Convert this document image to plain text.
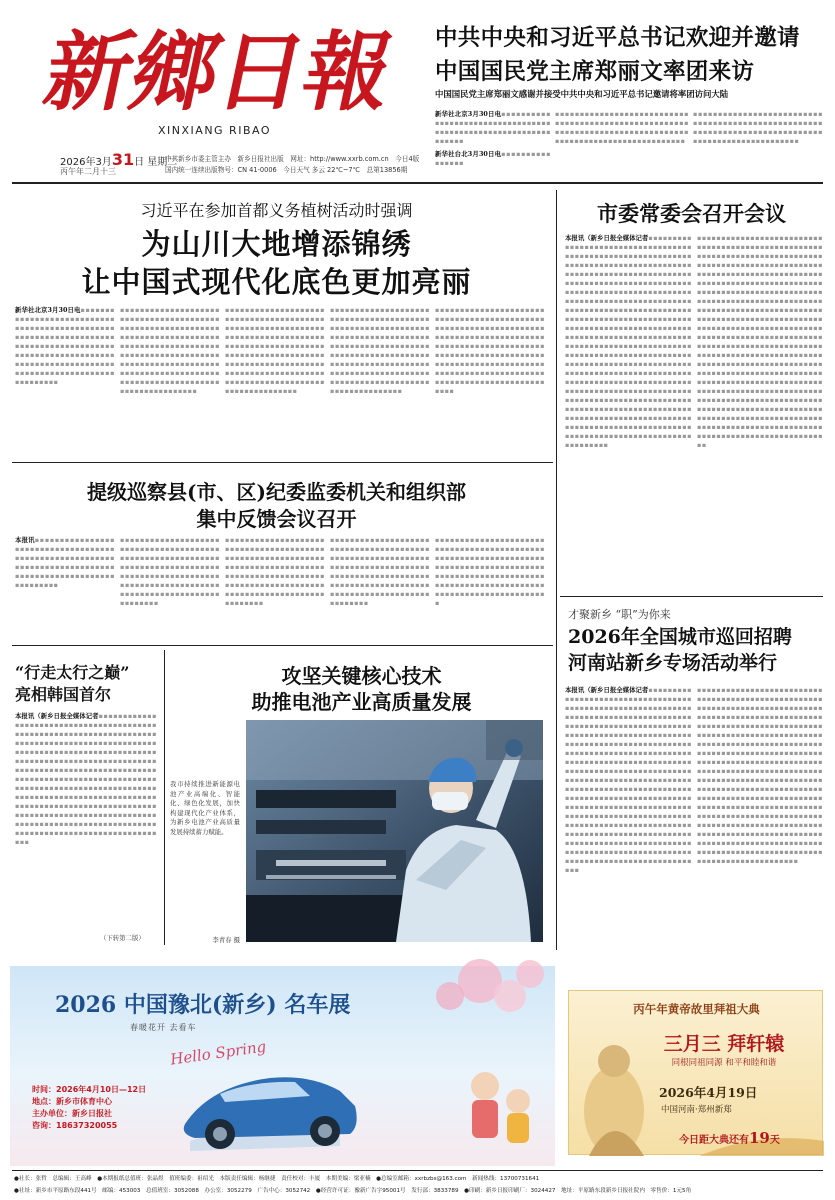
新鄉日報
XINXIANG RIBAO
2026年3月31日 星期二
丙午年二月十三
中共新乡市委主管主办　新乡日报社出版　网址：http://www.xxrb.com.cn　今日4版
国内统一连续出版物号：CN 41-0006　今日天气 多云 22℃~7℃　总第13856期
中共中央和习近平总书记欢迎并邀请
中国国民党主席郑丽文率团来访
中国国民党主席郑丽文感谢并接受中共中央和习近平总书记邀请将率团访问大陆
新华社北京3月30日电▪▪▪▪▪▪▪▪▪▪▪▪▪▪▪▪▪▪▪▪▪▪▪▪▪▪▪▪▪▪▪▪▪▪▪▪▪▪▪▪▪▪▪▪▪▪▪▪▪▪▪▪▪▪▪▪▪▪▪▪▪▪▪▪
新华社台北3月30日电▪▪▪▪▪▪▪▪▪▪▪▪▪▪▪▪
▪▪▪▪▪▪▪▪▪▪▪▪▪▪▪▪▪▪▪▪▪▪▪▪▪▪▪▪▪▪▪▪▪▪▪▪▪▪▪▪▪▪▪▪▪▪▪▪▪▪▪▪▪▪▪▪▪▪▪▪▪▪▪▪▪▪▪▪▪▪▪▪▪▪▪▪▪▪▪▪▪▪▪▪▪▪▪▪▪▪▪▪▪▪▪▪▪▪▪▪▪▪▪▪▪▪▪▪
▪▪▪▪▪▪▪▪▪▪▪▪▪▪▪▪▪▪▪▪▪▪▪▪▪▪▪▪▪▪▪▪▪▪▪▪▪▪▪▪▪▪▪▪▪▪▪▪▪▪▪▪▪▪▪▪▪▪▪▪▪▪▪▪▪▪▪▪▪▪▪▪▪▪▪▪▪▪▪▪▪▪▪▪▪▪▪▪▪▪▪▪▪▪▪▪▪▪▪▪
习近平在参加首都义务植树活动时强调
为山川大地增添锦绣
让中国式现代化底色更加亮丽
新华社北京3月30日电▪▪▪▪▪▪▪▪▪▪▪▪▪▪▪▪▪▪▪▪▪▪▪▪▪▪▪▪▪▪▪▪▪▪▪▪▪▪▪▪▪▪▪▪▪▪▪▪▪▪▪▪▪▪▪▪▪▪▪▪▪▪▪▪▪▪▪▪▪▪▪▪▪▪▪▪▪▪▪▪▪▪▪▪▪▪▪▪▪▪▪▪▪▪▪▪▪▪▪▪▪▪▪▪▪▪▪▪▪▪▪▪▪▪▪▪▪▪▪▪▪▪▪▪▪▪▪▪▪▪▪▪▪▪▪▪▪▪▪▪▪▪▪▪▪▪▪▪▪▪▪▪▪▪▪▪
▪▪▪▪▪▪▪▪▪▪▪▪▪▪▪▪▪▪▪▪▪▪▪▪▪▪▪▪▪▪▪▪▪▪▪▪▪▪▪▪▪▪▪▪▪▪▪▪▪▪▪▪▪▪▪▪▪▪▪▪▪▪▪▪▪▪▪▪▪▪▪▪▪▪▪▪▪▪▪▪▪▪▪▪▪▪▪▪▪▪▪▪▪▪▪▪▪▪▪▪▪▪▪▪▪▪▪▪▪▪▪▪▪▪▪▪▪▪▪▪▪▪▪▪▪▪▪▪▪▪▪▪▪▪▪▪▪▪▪▪▪▪▪▪▪▪▪▪▪▪▪▪▪▪▪▪▪▪▪▪▪▪▪▪▪▪▪▪▪▪▪▪▪▪▪▪▪▪▪▪▪▪▪▪▪▪▪▪▪▪▪▪▪▪▪▪
▪▪▪▪▪▪▪▪▪▪▪▪▪▪▪▪▪▪▪▪▪▪▪▪▪▪▪▪▪▪▪▪▪▪▪▪▪▪▪▪▪▪▪▪▪▪▪▪▪▪▪▪▪▪▪▪▪▪▪▪▪▪▪▪▪▪▪▪▪▪▪▪▪▪▪▪▪▪▪▪▪▪▪▪▪▪▪▪▪▪▪▪▪▪▪▪▪▪▪▪▪▪▪▪▪▪▪▪▪▪▪▪▪▪▪▪▪▪▪▪▪▪▪▪▪▪▪▪▪▪▪▪▪▪▪▪▪▪▪▪▪▪▪▪▪▪▪▪▪▪▪▪▪▪▪▪▪▪▪▪▪▪▪▪▪▪▪▪▪▪▪▪▪▪▪▪▪▪▪▪▪▪▪▪▪▪▪▪▪▪▪▪▪▪▪
▪▪▪▪▪▪▪▪▪▪▪▪▪▪▪▪▪▪▪▪▪▪▪▪▪▪▪▪▪▪▪▪▪▪▪▪▪▪▪▪▪▪▪▪▪▪▪▪▪▪▪▪▪▪▪▪▪▪▪▪▪▪▪▪▪▪▪▪▪▪▪▪▪▪▪▪▪▪▪▪▪▪▪▪▪▪▪▪▪▪▪▪▪▪▪▪▪▪▪▪▪▪▪▪▪▪▪▪▪▪▪▪▪▪▪▪▪▪▪▪▪▪▪▪▪▪▪▪▪▪▪▪▪▪▪▪▪▪▪▪▪▪▪▪▪▪▪▪▪▪▪▪▪▪▪▪▪▪▪▪▪▪▪▪▪▪▪▪▪▪▪▪▪▪▪▪▪▪▪▪▪▪▪▪▪▪▪▪▪▪▪▪▪▪▪
▪▪▪▪▪▪▪▪▪▪▪▪▪▪▪▪▪▪▪▪▪▪▪▪▪▪▪▪▪▪▪▪▪▪▪▪▪▪▪▪▪▪▪▪▪▪▪▪▪▪▪▪▪▪▪▪▪▪▪▪▪▪▪▪▪▪▪▪▪▪▪▪▪▪▪▪▪▪▪▪▪▪▪▪▪▪▪▪▪▪▪▪▪▪▪▪▪▪▪▪▪▪▪▪▪▪▪▪▪▪▪▪▪▪▪▪▪▪▪▪▪▪▪▪▪▪▪▪▪▪▪▪▪▪▪▪▪▪▪▪▪▪▪▪▪▪▪▪▪▪▪▪▪▪▪▪▪▪▪▪▪▪▪▪▪▪▪▪▪▪▪▪▪▪▪▪▪▪▪▪▪▪▪▪▪▪▪▪▪▪▪▪▪▪▪▪▪▪▪▪▪▪
提级巡察县(市、区)纪委监委机关和组织部
集中反馈会议召开
本报讯▪▪▪▪▪▪▪▪▪▪▪▪▪▪▪▪▪▪▪▪▪▪▪▪▪▪▪▪▪▪▪▪▪▪▪▪▪▪▪▪▪▪▪▪▪▪▪▪▪▪▪▪▪▪▪▪▪▪▪▪▪▪▪▪▪▪▪▪▪▪▪▪▪▪▪▪▪▪▪▪▪▪▪▪▪▪▪▪▪▪▪▪▪▪▪▪▪▪▪▪▪▪▪▪▪
▪▪▪▪▪▪▪▪▪▪▪▪▪▪▪▪▪▪▪▪▪▪▪▪▪▪▪▪▪▪▪▪▪▪▪▪▪▪▪▪▪▪▪▪▪▪▪▪▪▪▪▪▪▪▪▪▪▪▪▪▪▪▪▪▪▪▪▪▪▪▪▪▪▪▪▪▪▪▪▪▪▪▪▪▪▪▪▪▪▪▪▪▪▪▪▪▪▪▪▪▪▪▪▪▪▪▪▪▪▪▪▪▪▪▪▪▪▪▪▪▪▪▪▪▪▪▪▪▪▪▪▪▪▪▪▪▪▪▪▪▪▪▪▪▪▪▪▪
▪▪▪▪▪▪▪▪▪▪▪▪▪▪▪▪▪▪▪▪▪▪▪▪▪▪▪▪▪▪▪▪▪▪▪▪▪▪▪▪▪▪▪▪▪▪▪▪▪▪▪▪▪▪▪▪▪▪▪▪▪▪▪▪▪▪▪▪▪▪▪▪▪▪▪▪▪▪▪▪▪▪▪▪▪▪▪▪▪▪▪▪▪▪▪▪▪▪▪▪▪▪▪▪▪▪▪▪▪▪▪▪▪▪▪▪▪▪▪▪▪▪▪▪▪▪▪▪▪▪▪▪▪▪▪▪▪▪▪▪▪▪▪▪▪▪▪▪
▪▪▪▪▪▪▪▪▪▪▪▪▪▪▪▪▪▪▪▪▪▪▪▪▪▪▪▪▪▪▪▪▪▪▪▪▪▪▪▪▪▪▪▪▪▪▪▪▪▪▪▪▪▪▪▪▪▪▪▪▪▪▪▪▪▪▪▪▪▪▪▪▪▪▪▪▪▪▪▪▪▪▪▪▪▪▪▪▪▪▪▪▪▪▪▪▪▪▪▪▪▪▪▪▪▪▪▪▪▪▪▪▪▪▪▪▪▪▪▪▪▪▪▪▪▪▪▪▪▪▪▪▪▪▪▪▪▪▪▪▪▪▪▪▪▪▪▪
▪▪▪▪▪▪▪▪▪▪▪▪▪▪▪▪▪▪▪▪▪▪▪▪▪▪▪▪▪▪▪▪▪▪▪▪▪▪▪▪▪▪▪▪▪▪▪▪▪▪▪▪▪▪▪▪▪▪▪▪▪▪▪▪▪▪▪▪▪▪▪▪▪▪▪▪▪▪▪▪▪▪▪▪▪▪▪▪▪▪▪▪▪▪▪▪▪▪▪▪▪▪▪▪▪▪▪▪▪▪▪▪▪▪▪▪▪▪▪▪▪▪▪▪▪▪▪▪▪▪▪▪▪▪▪▪▪▪▪▪▪▪▪▪▪▪▪▪▪▪▪▪▪▪▪
“行走太行之巅”
亮相韩国首尔
本报讯（新乡日报全媒体记者▪▪▪▪▪▪▪▪▪▪▪▪▪▪▪▪▪▪▪▪▪▪▪▪▪▪▪▪▪▪▪▪▪▪▪▪▪▪▪▪▪▪▪▪▪▪▪▪▪▪▪▪▪▪▪▪▪▪▪▪▪▪▪▪▪▪▪▪▪▪▪▪▪▪▪▪▪▪▪▪▪▪▪▪▪▪▪▪▪▪▪▪▪▪▪▪▪▪▪▪▪▪▪▪▪▪▪▪▪▪▪▪▪▪▪▪▪▪▪▪▪▪▪▪▪▪▪▪▪▪▪▪▪▪▪▪▪▪▪▪▪▪▪▪▪▪▪▪▪▪▪▪▪▪▪▪▪▪▪▪▪▪▪▪▪▪▪▪▪▪▪▪▪▪▪▪▪▪▪▪▪▪▪▪▪▪▪▪▪▪▪▪▪▪▪▪▪▪▪▪▪▪▪▪▪▪▪▪▪▪▪▪▪▪▪▪▪▪▪▪▪▪▪▪▪▪▪▪▪▪▪▪▪▪▪▪▪▪▪▪▪▪▪▪▪▪▪▪▪▪▪▪▪▪▪▪▪▪▪▪▪▪▪▪▪▪▪▪▪▪▪▪▪▪▪▪▪▪▪▪▪▪▪▪▪▪▪▪▪▪▪▪▪▪▪▪▪▪▪▪▪▪▪▪▪▪▪▪▪▪▪▪▪▪▪▪▪▪▪▪▪▪▪▪▪▪▪▪▪▪▪▪▪▪▪▪▪▪▪▪▪▪▪▪▪▪▪▪▪▪▪▪▪▪▪▪▪▪▪▪▪▪▪▪▪▪▪▪▪▪▪▪▪▪▪▪▪▪▪▪▪▪▪▪▪▪▪▪▪▪▪▪
（下转第二版）
攻坚关键核心技术
助推电池产业高质量发展
我市持续推进新能源电池产业高端化、智能化、绿色化发展，加快构建现代化产业体系，为新乡电池产业高质量发展持续蓄力赋能。
李青春 摄
市委常委会召开会议
本报讯（新乡日报全媒体记者▪▪▪▪▪▪▪▪▪▪▪▪▪▪▪▪▪▪▪▪▪▪▪▪▪▪▪▪▪▪▪▪▪▪▪▪▪▪▪▪▪▪▪▪▪▪▪▪▪▪▪▪▪▪▪▪▪▪▪▪▪▪▪▪▪▪▪▪▪▪▪▪▪▪▪▪▪▪▪▪▪▪▪▪▪▪▪▪▪▪▪▪▪▪▪▪▪▪▪▪▪▪▪▪▪▪▪▪▪▪▪▪▪▪▪▪▪▪▪▪▪▪▪▪▪▪▪▪▪▪▪▪▪▪▪▪▪▪▪▪▪▪▪▪▪▪▪▪▪▪▪▪▪▪▪▪▪▪▪▪▪▪▪▪▪▪▪▪▪▪▪▪▪▪▪▪▪▪▪▪▪▪▪▪▪▪▪▪▪▪▪▪▪▪▪▪▪▪▪▪▪▪▪▪▪▪▪▪▪▪▪▪▪▪▪▪▪▪▪▪▪▪▪▪▪▪▪▪▪▪▪▪▪▪▪▪▪▪▪▪▪▪▪▪▪▪▪▪▪▪▪▪▪▪▪▪▪▪▪▪▪▪▪▪▪▪▪▪▪▪▪▪▪▪▪▪▪▪▪▪▪▪▪▪▪▪▪▪▪▪▪▪▪▪▪▪▪▪▪▪▪▪▪▪▪▪▪▪▪▪▪▪▪▪▪▪▪▪▪▪▪▪▪▪▪▪▪▪▪▪▪▪▪▪▪▪▪▪▪▪▪▪▪▪▪▪▪▪▪▪▪▪▪▪▪▪▪▪▪▪▪▪▪▪▪▪▪▪▪▪▪▪▪▪▪▪▪▪▪▪▪▪▪▪▪▪▪▪▪▪▪▪▪▪▪▪▪▪▪▪▪▪▪▪▪▪▪▪▪▪▪▪▪▪▪▪▪▪▪▪▪▪▪▪▪▪▪▪▪▪▪▪▪▪▪▪▪▪▪▪▪▪▪▪▪▪▪▪▪▪▪▪▪▪▪▪▪▪▪▪▪▪▪▪▪▪▪▪▪▪▪▪▪▪▪▪▪▪▪▪▪▪▪▪▪▪▪▪▪▪▪▪▪▪▪▪▪▪▪▪▪▪▪▪▪▪▪▪▪▪▪▪▪▪▪▪▪▪▪▪▪▪▪▪▪▪▪▪▪▪▪▪▪▪▪▪▪▪▪▪▪▪▪▪▪▪▪▪▪▪▪▪▪▪▪▪▪▪▪▪▪▪▪▪▪▪▪▪▪▪▪▪▪▪▪▪▪▪▪▪▪▪▪▪▪▪▪▪▪▪
▪▪▪▪▪▪▪▪▪▪▪▪▪▪▪▪▪▪▪▪▪▪▪▪▪▪▪▪▪▪▪▪▪▪▪▪▪▪▪▪▪▪▪▪▪▪▪▪▪▪▪▪▪▪▪▪▪▪▪▪▪▪▪▪▪▪▪▪▪▪▪▪▪▪▪▪▪▪▪▪▪▪▪▪▪▪▪▪▪▪▪▪▪▪▪▪▪▪▪▪▪▪▪▪▪▪▪▪▪▪▪▪▪▪▪▪▪▪▪▪▪▪▪▪▪▪▪▪▪▪▪▪▪▪▪▪▪▪▪▪▪▪▪▪▪▪▪▪▪▪▪▪▪▪▪▪▪▪▪▪▪▪▪▪▪▪▪▪▪▪▪▪▪▪▪▪▪▪▪▪▪▪▪▪▪▪▪▪▪▪▪▪▪▪▪▪▪▪▪▪▪▪▪▪▪▪▪▪▪▪▪▪▪▪▪▪▪▪▪▪▪▪▪▪▪▪▪▪▪▪▪▪▪▪▪▪▪▪▪▪▪▪▪▪▪▪▪▪▪▪▪▪▪▪▪▪▪▪▪▪▪▪▪▪▪▪▪▪▪▪▪▪▪▪▪▪▪▪▪▪▪▪▪▪▪▪▪▪▪▪▪▪▪▪▪▪▪▪▪▪▪▪▪▪▪▪▪▪▪▪▪▪▪▪▪▪▪▪▪▪▪▪▪▪▪▪▪▪▪▪▪▪▪▪▪▪▪▪▪▪▪▪▪▪▪▪▪▪▪▪▪▪▪▪▪▪▪▪▪▪▪▪▪▪▪▪▪▪▪▪▪▪▪▪▪▪▪▪▪▪▪▪▪▪▪▪▪▪▪▪▪▪▪▪▪▪▪▪▪▪▪▪▪▪▪▪▪▪▪▪▪▪▪▪▪▪▪▪▪▪▪▪▪▪▪▪▪▪▪▪▪▪▪▪▪▪▪▪▪▪▪▪▪▪▪▪▪▪▪▪▪▪▪▪▪▪▪▪▪▪▪▪▪▪▪▪▪▪▪▪▪▪▪▪▪▪▪▪▪▪▪▪▪▪▪▪▪▪▪▪▪▪▪▪▪▪▪▪▪▪▪▪▪▪▪▪▪▪▪▪▪▪▪▪▪▪▪▪▪▪▪▪▪▪▪▪▪▪▪▪▪▪▪▪▪▪▪▪▪▪▪▪▪▪▪▪▪▪▪▪▪▪▪▪▪▪▪▪▪▪▪▪▪▪▪▪▪▪▪▪▪▪▪▪▪▪▪▪▪▪▪▪▪▪▪▪▪▪▪▪▪▪▪▪▪▪▪▪▪▪
才聚新乡 “职”为你来
2026年全国城市巡回招聘
河南站新乡专场活动举行
本报讯（新乡日报全媒体记者▪▪▪▪▪▪▪▪▪▪▪▪▪▪▪▪▪▪▪▪▪▪▪▪▪▪▪▪▪▪▪▪▪▪▪▪▪▪▪▪▪▪▪▪▪▪▪▪▪▪▪▪▪▪▪▪▪▪▪▪▪▪▪▪▪▪▪▪▪▪▪▪▪▪▪▪▪▪▪▪▪▪▪▪▪▪▪▪▪▪▪▪▪▪▪▪▪▪▪▪▪▪▪▪▪▪▪▪▪▪▪▪▪▪▪▪▪▪▪▪▪▪▪▪▪▪▪▪▪▪▪▪▪▪▪▪▪▪▪▪▪▪▪▪▪▪▪▪▪▪▪▪▪▪▪▪▪▪▪▪▪▪▪▪▪▪▪▪▪▪▪▪▪▪▪▪▪▪▪▪▪▪▪▪▪▪▪▪▪▪▪▪▪▪▪▪▪▪▪▪▪▪▪▪▪▪▪▪▪▪▪▪▪▪▪▪▪▪▪▪▪▪▪▪▪▪▪▪▪▪▪▪▪▪▪▪▪▪▪▪▪▪▪▪▪▪▪▪▪▪▪▪▪▪▪▪▪▪▪▪▪▪▪▪▪▪▪▪▪▪▪▪▪▪▪▪▪▪▪▪▪▪▪▪▪▪▪▪▪▪▪▪▪▪▪▪▪▪▪▪▪▪▪▪▪▪▪▪▪▪▪▪▪▪▪▪▪▪▪▪▪▪▪▪▪▪▪▪▪▪▪▪▪▪▪▪▪▪▪▪▪▪▪▪▪▪▪▪▪▪▪▪▪▪▪▪▪▪▪▪▪▪▪▪▪▪▪▪▪▪▪▪▪▪▪▪▪▪▪▪▪▪▪▪▪▪▪▪▪▪▪▪▪▪▪▪▪▪▪▪▪▪▪▪▪▪▪▪▪▪▪▪▪▪▪▪▪▪▪▪▪▪▪▪▪▪▪▪▪▪▪▪▪▪▪▪▪▪▪▪▪▪▪▪▪▪▪▪▪▪▪▪▪▪▪▪▪▪▪▪▪▪▪▪▪▪▪▪▪▪▪▪▪▪▪▪▪▪▪▪▪▪▪▪▪▪▪▪▪▪▪▪▪▪▪▪▪▪▪▪▪▪▪▪▪▪
▪▪▪▪▪▪▪▪▪▪▪▪▪▪▪▪▪▪▪▪▪▪▪▪▪▪▪▪▪▪▪▪▪▪▪▪▪▪▪▪▪▪▪▪▪▪▪▪▪▪▪▪▪▪▪▪▪▪▪▪▪▪▪▪▪▪▪▪▪▪▪▪▪▪▪▪▪▪▪▪▪▪▪▪▪▪▪▪▪▪▪▪▪▪▪▪▪▪▪▪▪▪▪▪▪▪▪▪▪▪▪▪▪▪▪▪▪▪▪▪▪▪▪▪▪▪▪▪▪▪▪▪▪▪▪▪▪▪▪▪▪▪▪▪▪▪▪▪▪▪▪▪▪▪▪▪▪▪▪▪▪▪▪▪▪▪▪▪▪▪▪▪▪▪▪▪▪▪▪▪▪▪▪▪▪▪▪▪▪▪▪▪▪▪▪▪▪▪▪▪▪▪▪▪▪▪▪▪▪▪▪▪▪▪▪▪▪▪▪▪▪▪▪▪▪▪▪▪▪▪▪▪▪▪▪▪▪▪▪▪▪▪▪▪▪▪▪▪▪▪▪▪▪▪▪▪▪▪▪▪▪▪▪▪▪▪▪▪▪▪▪▪▪▪▪▪▪▪▪▪▪▪▪▪▪▪▪▪▪▪▪▪▪▪▪▪▪▪▪▪▪▪▪▪▪▪▪▪▪▪▪▪▪▪▪▪▪▪▪▪▪▪▪▪▪▪▪▪▪▪▪▪▪▪▪▪▪▪▪▪▪▪▪▪▪▪▪▪▪▪▪▪▪▪▪▪▪▪▪▪▪▪▪▪▪▪▪▪▪▪▪▪▪▪▪▪▪▪▪▪▪▪▪▪▪▪▪▪▪▪▪▪▪▪▪▪▪▪▪▪▪▪▪▪▪▪▪▪▪▪▪▪▪▪▪▪▪▪▪▪▪▪▪▪▪▪▪▪▪▪▪▪▪▪▪▪▪▪▪▪▪▪▪▪▪▪▪▪▪▪▪▪▪▪▪▪▪▪▪▪▪▪▪▪▪▪▪▪▪▪▪▪▪▪▪▪▪▪▪▪▪▪▪▪▪▪▪▪▪▪▪▪▪▪▪▪▪▪▪▪▪▪▪▪▪▪▪▪▪▪▪▪▪▪▪
2026 中国豫北(新乡) 名车展
春暖花开 去看车
Hello Spring
时间：2026年4月10日—12日
地点：新乡市体育中心
主办单位：新乡日报社
咨询：18637320055
丙午年黄帝故里拜祖大典
三月三 拜轩辕
同根同祖同源 和平和睦和谐
2026年4月19日
中国河南·郑州新郑
今日距大典还有19天
●社长：张哲　总编辑：王高峰　●本期报纸总值班：张晶煜　值班编委：祖绍光　本版责任编辑：杨继捷　责任校对：丰厦　本期美编：梁亚楠　●总编室邮箱：xxrbzbs@163.com　新闻热线：13700731641
●社址：新乡市平原路东段441号　邮编：453003　总值班室：3052088　办公室：3052279　广告中心：3052742　●经营许可证：豫新广告字95001号　发行部：3833789　●印刷：新乡日报印刷厂：3024427　地址：平原路东段新乡日报社院内　零售价：1元5角
